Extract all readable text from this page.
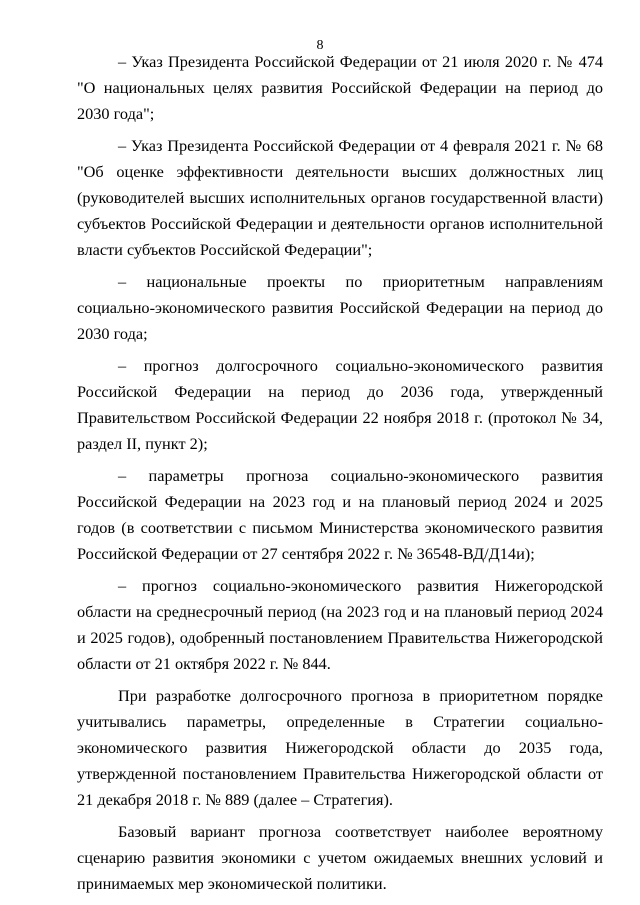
8

– Указ Президента Российской Федерации от 21 июля 2020 г. № 474 "О национальных целях развития Российской Федерации на период до 2030 года";

– Указ Президента Российской Федерации от 4 февраля 2021 г. № 68 "Об оценке эффективности деятельности высших должностных лиц (руководителей высших исполнительных органов государственной власти) субъектов Российской Федерации и деятельности органов исполнительной власти субъектов Российской Федерации";

– национальные проекты по приоритетным направлениям социально-экономического развития Российской Федерации на период до 2030 года;

– прогноз долгосрочного социально-экономического развития Российской Федерации на период до 2036 года, утвержденный Правительством Российской Федерации 22 ноября 2018 г. (протокол № 34, раздел II, пункт 2);

– параметры прогноза социально-экономического развития Российской Федерации на 2023 год и на плановый период 2024 и 2025 годов (в соответствии с письмом Министерства экономического развития Российской Федерации от 27 сентября 2022 г. № 36548-ВД/Д14и);

– прогноз социально-экономического развития Нижегородской области на среднесрочный период (на 2023 год и на плановый период 2024 и 2025 годов), одобренный постановлением Правительства Нижегородской области от 21 октября 2022 г. № 844.

При разработке долгосрочного прогноза в приоритетном порядке учитывались параметры, определенные в Стратегии социально-экономического развития Нижегородской области до 2035 года, утвержденной постановлением Правительства Нижегородской области от 21 декабря 2018 г. № 889 (далее – Стратегия).

Базовый вариант прогноза соответствует наиболее вероятному сценарию развития экономики с учетом ожидаемых внешних условий и принимаемых мер экономической политики.
